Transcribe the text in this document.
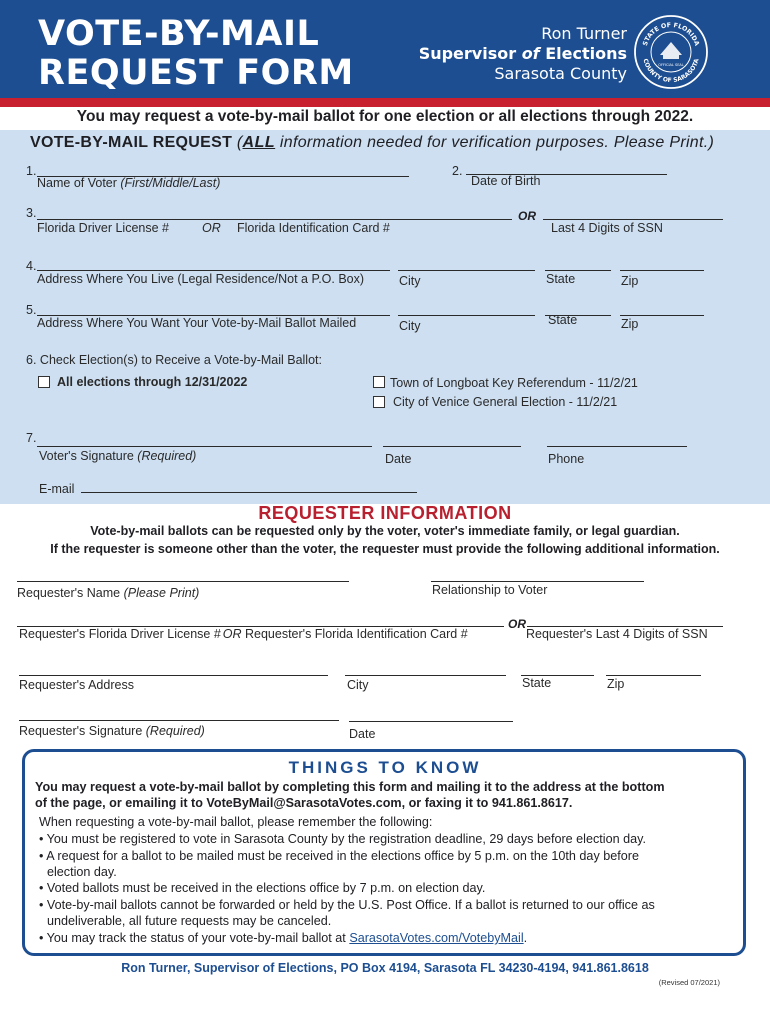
VOTE-BY-MAIL
REQUEST FORM
Ron Turner
Supervisor of Elections
Sarasota County
STATE OF FLORIDA
COUNTY OF SARASOTA
OFFICIAL SEAL
You may request a vote-by-mail ballot for one election or all elections through 2022.
VOTE-BY-MAIL REQUEST (ALL information needed for verification purposes. Please Print.)
1.
Name of Voter (First/Middle/Last)
2.
Date of Birth
3.
Florida Driver License #	OR Florida Identification Card #
OR
Last 4 Digits of SSN
4.
Address Where You Live (Legal Residence/Not a P.O. Box)	City	State	Zip
5.
Address Where You Want Your Vote-by-Mail Ballot Mailed	City	State	Zip
6. Check Election(s) to Receive a Vote-by-Mail Ballot:
All elections through 12/31/2022	Town of Longboat Key Referendum - 11/2/21
City of Venice General Election - 11/2/21
7.
Voter's Signature (Required)	Date	Phone
E-mail
REQUESTER INFORMATION
Vote-by-mail ballots can be requested only by the voter, voter's immediate family, or legal guardian.
If the requester is someone other than the voter, the requester must provide the following additional information.
Requester's Name (Please Print)	Relationship to Voter
Requester's Florida Driver License # OR Requester's Florida Identification Card #
OR
Requester's Last 4 Digits of SSN
Requester's Address	City	State	Zip
Requester's Signature (Required)	Date
THINGS TO KNOW
You may request a vote-by-mail ballot by completing this form and mailing it to the address at the bottom
of the page, or emailing it to VoteByMail@SarasotaVotes.com, or faxing it to 941.861.8617.
When requesting a vote-by-mail ballot, please remember the following:
• You must be registered to vote in Sarasota County by the registration deadline, 29 days before election day.
• A request for a ballot to be mailed must be received in the elections office by 5 p.m. on the 10th day before
election day.
• Voted ballots must be received in the elections office by 7 p.m. on election day.
• Vote-by-mail ballots cannot be forwarded or held by the U.S. Post Office. If a ballot is returned to our office as
undeliverable, all future requests may be canceled.
• You may track the status of your vote-by-mail ballot at SarasotaVotes.com/VotebyMail.
Ron Turner, Supervisor of Elections, PO Box 4194, Sarasota FL 34230-4194, 941.861.8618
(Revised 07/2021)
